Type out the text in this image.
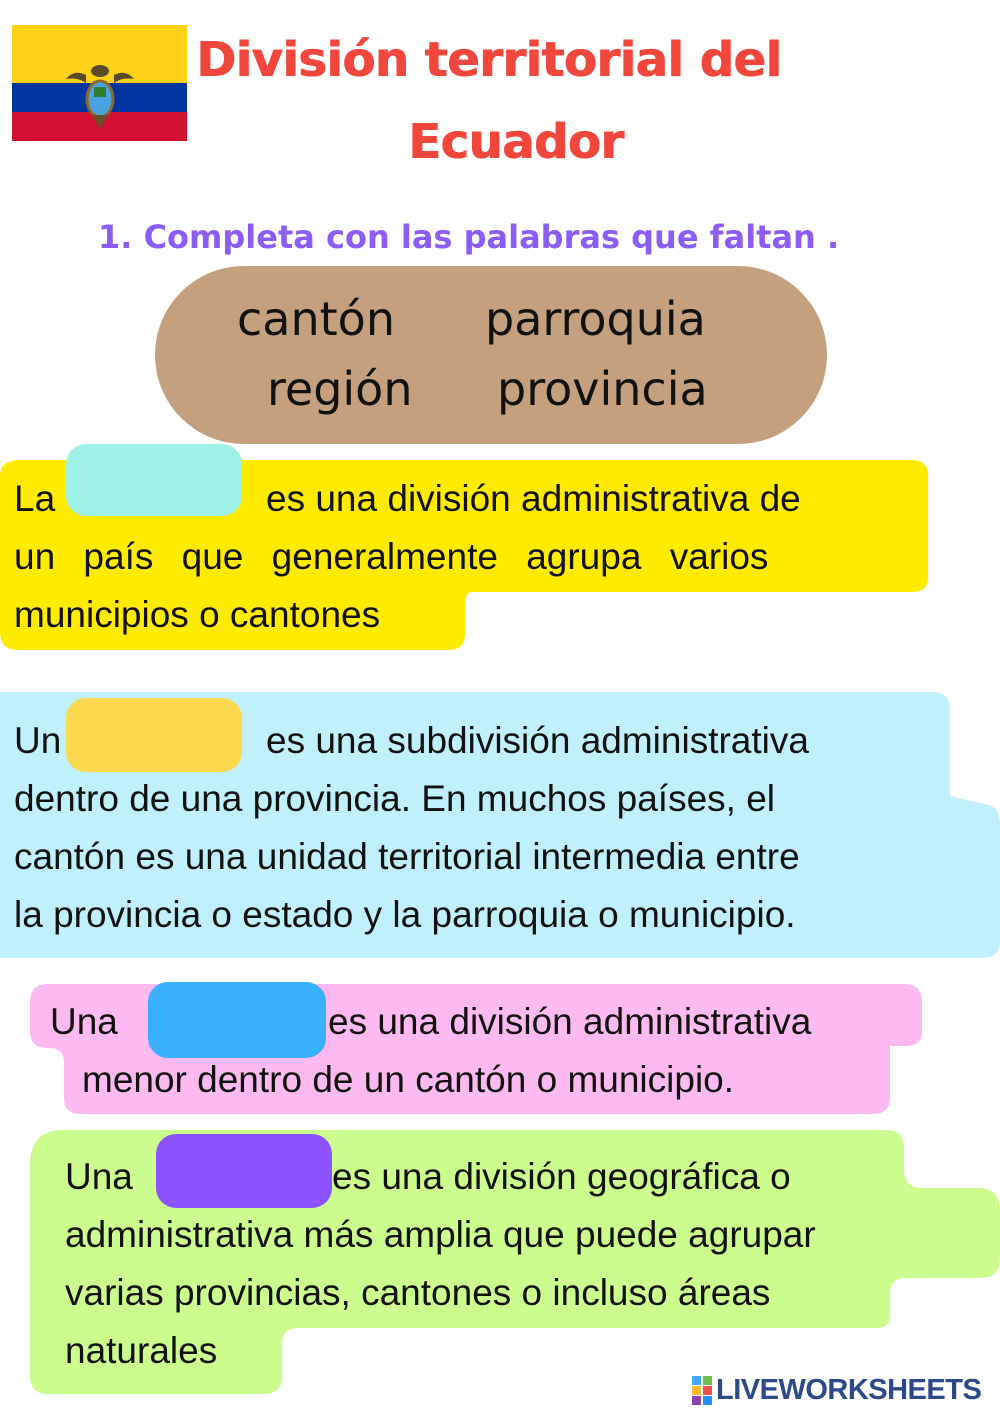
División territorial del
Ecuador
1. Completa con las palabras que faltan .
cantón parroquia
región provincia
La	es una división administrativa de
un país que generalmente agrupa varios
municipios o cantones
Un	es una subdivisión administrativa
dentro de una provincia. En muchos países, el
cantón es una unidad territorial intermedia entre
la provincia o estado y la parroquia o municipio.
Una	es una división administrativa
menor dentro de un cantón o municipio.
Una	es una división geográfica o
administrativa más amplia que puede agrupar
varias provincias, cantones o incluso áreas
naturales
LIVEWORKSHEETS
